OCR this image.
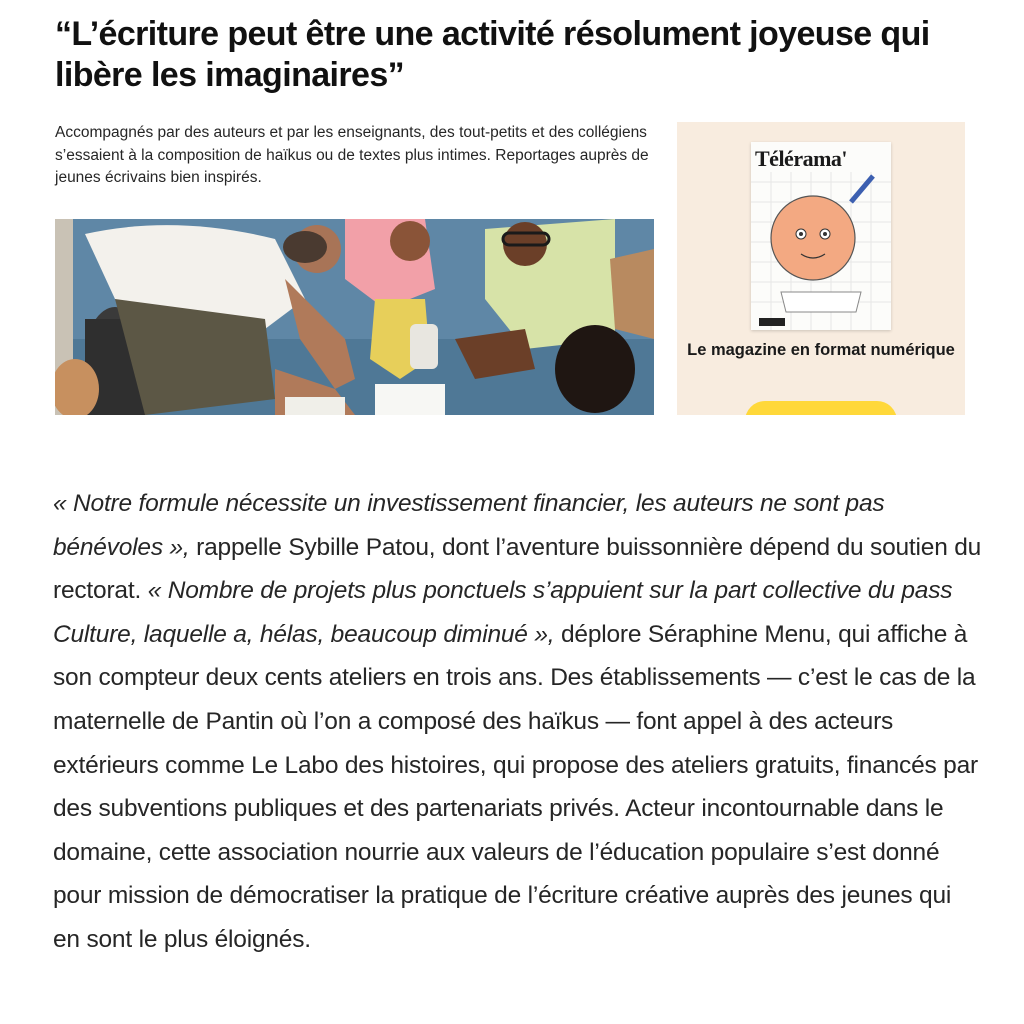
“L’écriture peut être une activité résolument joyeuse qui libère les imaginaires”

Accompagnés par des auteurs et par les enseignants, des tout-petits et des collégiens s’essaient à la composition de haïkus ou de textes plus intimes. Reportages auprès de jeunes écrivains bien inspirés.

Télérama'
Le magazine en format numérique

« Notre formule nécessite un investissement financier, les auteurs ne sont pas bénévoles », rappelle Sybille Patou, dont l’aventure buissonnière dépend du soutien du rectorat. « Nombre de projets plus ponctuels s’appuient sur la part collective du pass Culture, laquelle a, hélas, beaucoup diminué », déplore Séraphine Menu, qui affiche à son compteur deux cents ateliers en trois ans. Des établissements — c’est le cas de la maternelle de Pantin où l’on a composé des haïkus — font appel à des acteurs extérieurs comme Le Labo des histoires, qui propose des ateliers gratuits, financés par des subventions publiques et des partenariats privés. Acteur incontournable dans le domaine, cette association nourrie aux valeurs de l’éducation populaire s’est donné pour mission de démocratiser la pratique de l’écriture créative auprès des jeunes qui en sont le plus éloignés.
